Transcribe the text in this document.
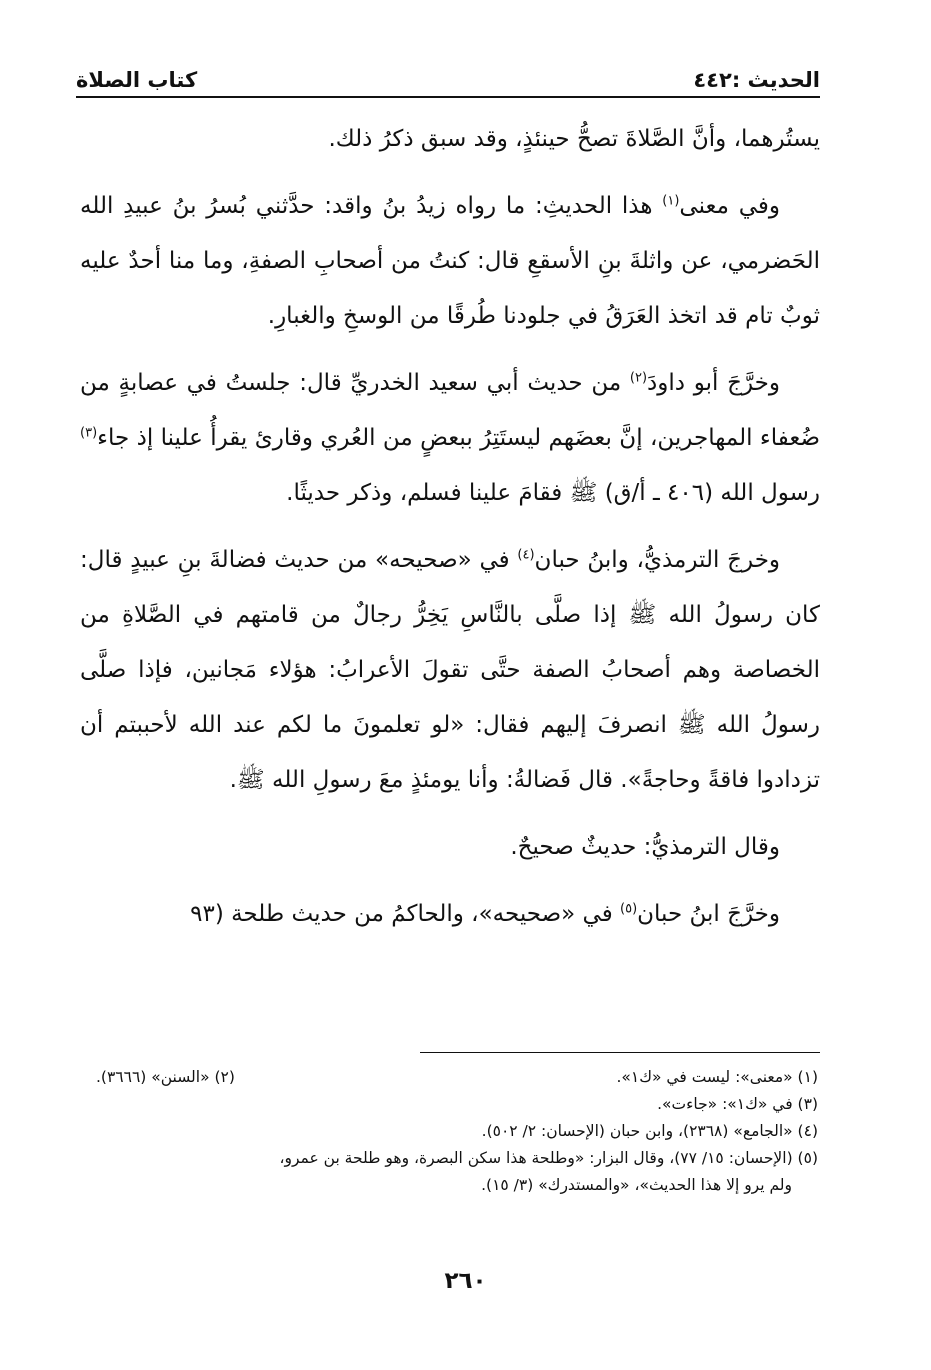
الحديث :٤٤٢
كتاب الصلاة

يستُرهما، وأنَّ الصَّلاةَ تصحُّ حينئذٍ، وقد سبق ذكرُ ذلك.

وفي معنى$^{(١)}$ هذا الحديثِ: ما رواه زيدُ بنُ واقد: حدَّثني بُسرُ بنُ عبيدِ الله الحَضرمي، عن واثلةَ بنِ الأسقعِ قال: كنتُ من أصحابِ الصفةِ، وما منا أحدٌ عليه ثوبٌ تام قد اتخذ العَرَقُ في جلودنا طُرقًا من الوسخِ والغبارِ.

وخرَّجَ أبو داودَ$^{(٢)}$ من حديث أبي سعيد الخدريِّ قال: جلستُ في عصابةٍ من ضُعفاء المهاجرين، إنَّ بعضَهم ليستَتِرُ ببعضٍ من العُري وقارئ يقرأُ علينا إذ جاء$^{(٣)}$ رسول الله (٤٠٦ ـ أ/ق) ﷺ فقامَ علينا فسلم، وذكر حديثًا.

وخرجَ الترمذيُّ، وابنُ حبان$^{(٤)}$ في «صحيحه» من حديث فضالةَ بنِ عبيدٍ قال: كان رسولُ الله ﷺ إذا صلَّى بالنَّاسِ يَخِرُّ رجالٌ من قامتهم في الصَّلاةِ من الخصاصة وهم أصحابُ الصفة حتَّى تقولَ الأعرابُ: هؤلاء مَجانين، فإذا صلَّى رسولُ الله ﷺ انصرفَ إليهم فقال: «لو تعلمونَ ما لكم عند الله لأحببتم أن تزدادوا فاقةً وحاجةً». قال فَضالةُ: وأنا يومئذٍ معَ رسولِ الله ﷺ.

وقال الترمذيُّ: حديثٌ صحيحٌ.

وخرَّجَ ابنُ حبان$^{(٥)}$ في «صحيحه»، والحاكمُ من حديث طلحة (٩٣

(١) «معنى»: ليست في «ك١».
(٢) «السنن» (٣٦٦٦).
(٣) في «ك١»: «جاءت».
(٤) «الجامع» (٢٣٦٨)، وابن حبان (الإحسان: ٢/ ٥٠٢).
(٥) (الإحسان: ١٥/ ٧٧)، وقال البزار: «وطلحة هذا سكن البصرة، وهو طلحة بن عمرو،
ولم يرو إلا هذا الحديث»، «والمستدرك» (٣/ ١٥).
٢٦٠
